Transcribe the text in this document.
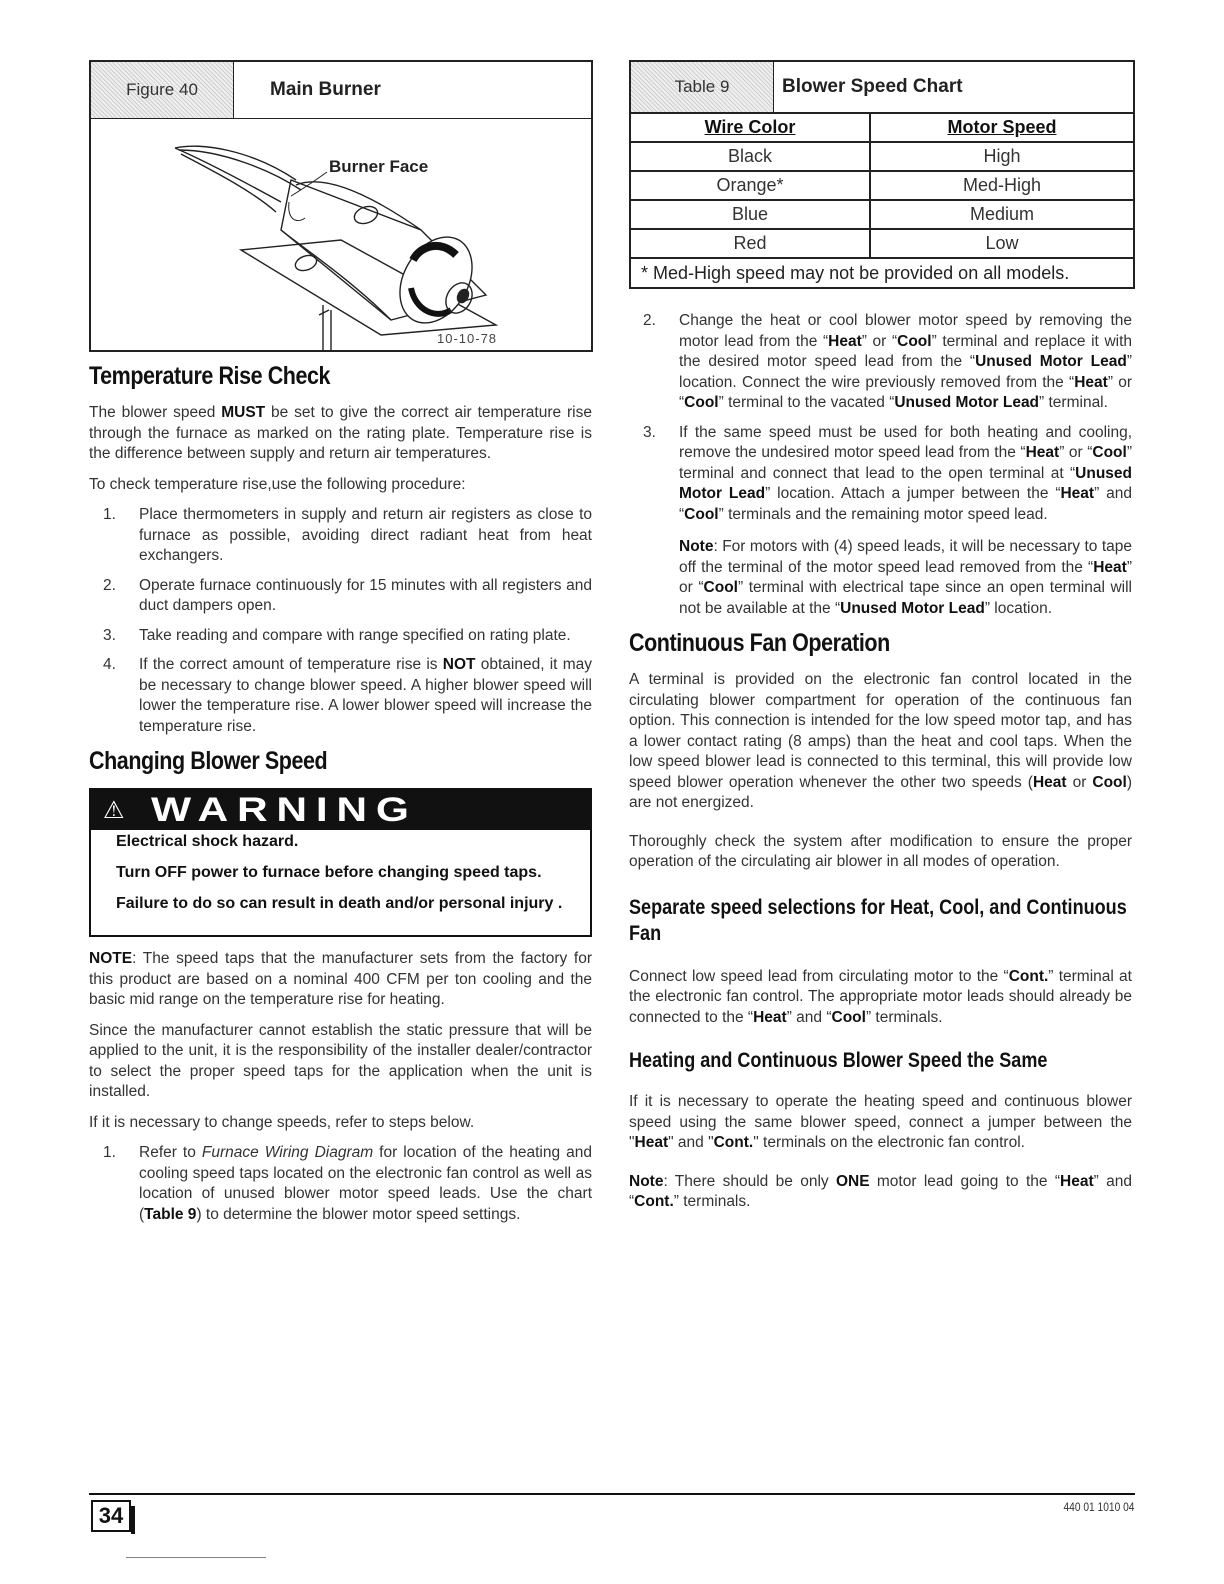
Figure 40	Main Burner
Burner Face
10-10-78
Temperature Rise Check

The blower speed MUST be set to give the correct air temperature rise through the furnace as marked on the rating plate. Temperature rise is the difference between supply and return air temperatures.

To check temperature rise,use the following procedure:

1. Place thermometers in supply and return air registers as close to furnace as possible, avoiding direct radiant heat from heat exchangers.
2. Operate furnace continuously for 15 minutes with all registers and duct dampers open.
3. Take reading and compare with range specified on rating plate.
4. If the correct amount of temperature rise is NOT obtained, it may be necessary to change blower speed. A higher blower speed will lower the temperature rise. A lower blower speed will increase the temperature rise.
Changing Blower Speed
⚠ WARNING

Electrical shock hazard.

Turn OFF power to furnace before changing speed taps.

Failure to do so can result in death and/or personal injury .

NOTE: The speed taps that the manufacturer sets from the factory for this product are based on a nominal 400 CFM per ton cooling and the basic mid range on the temperature rise for heating.

Since the manufacturer cannot establish the static pressure that will be applied to the unit, it is the responsibility of the installer dealer/contractor to select the proper speed taps for the application when the unit is installed.

If it is necessary to change speeds, refer to steps below.

1. Refer to Furnace Wiring Diagram for location of the heating and cooling speed taps located on the electronic fan control as well as location of unused blower motor speed leads. Use the chart (Table 9) to determine the blower motor speed settings.
Table 9	Blower Speed Chart
Wire Color	Motor Speed
Black	High
Orange*	Med-High
Blue	Medium
Red	Low
* Med-High speed may not be provided on all models.
2. Change the heat or cool blower motor speed by removing the motor lead from the “Heat” or “Cool” terminal and replace it with the desired motor speed lead from the “Unused Motor Lead” location. Connect the wire previously removed from the “Heat” or “Cool” terminal to the vacated “Unused Motor Lead” terminal.
3. If the same speed must be used for both heating and cooling, remove the undesired motor speed lead from the “Heat” or “Cool” terminal and connect that lead to the open terminal at “Unused Motor Lead” location. Attach a jumper between the “Heat” and “Cool” terminals and the remaining motor speed lead.

Note: For motors with (4) speed leads, it will be necessary to tape off the terminal of the motor speed lead removed from the “Heat” or “Cool” terminal with electrical tape since an open terminal will not be available at the “Unused Motor Lead” location.

Continuous Fan Operation

A terminal is provided on the electronic fan control located in the circulating blower compartment for operation of the continuous fan option. This connection is intended for the low speed motor tap, and has a lower contact rating (8 amps) than the heat and cool taps. When the low speed blower lead is connected to this terminal, this will provide low speed blower operation whenever the other two speeds (Heat or Cool) are not energized.

Thoroughly check the system after modification to ensure the proper operation of the circulating air blower in all modes of operation.

Separate speed selections for Heat, Cool, and Continuous Fan

Connect low speed lead from circulating motor to the “Cont.” terminal at the electronic fan control. The appropriate motor leads should already be connected to the “Heat” and “Cool” terminals.

Heating and Continuous Blower Speed the Same

If it is necessary to operate the heating speed and continuous blower speed using the same blower speed, connect a jumper between the "Heat" and "Cont." terminals on the electronic fan control.

Note: There should be only ONE motor lead going to the “Heat” and “Cont.” terminals.

34	440 01 1010 04
